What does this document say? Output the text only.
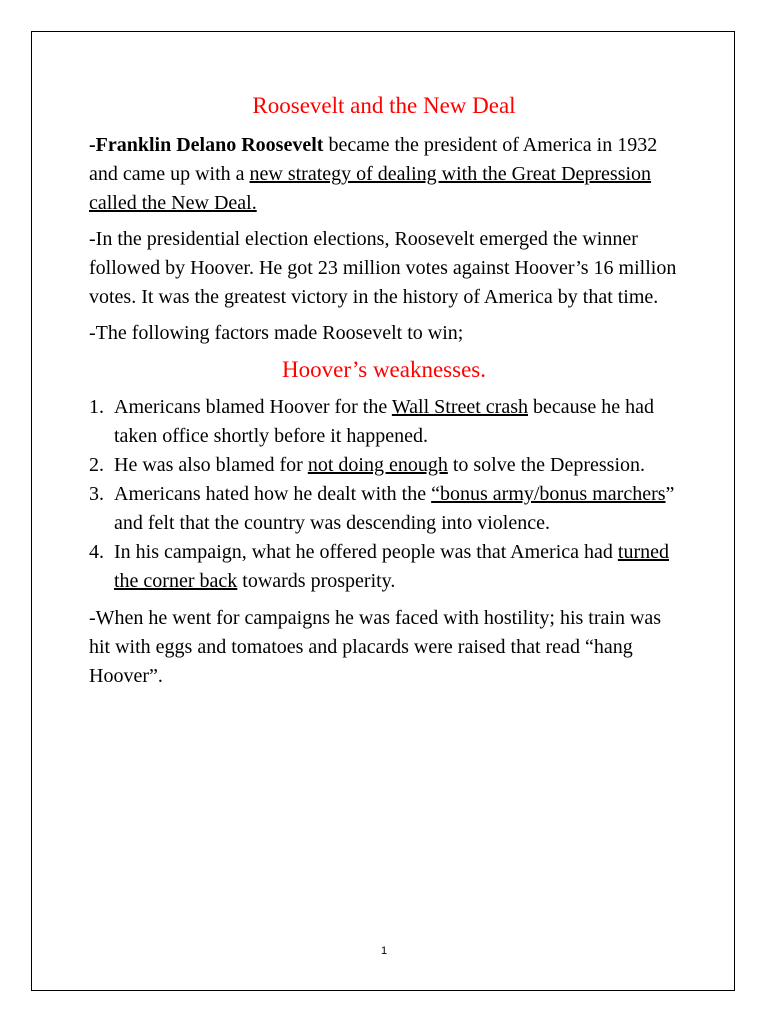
Roosevelt and the New Deal

-Franklin Delano Roosevelt became the president of America in 1932 and came up with a new strategy of dealing with the Great Depression called the New Deal.

-In the presidential election elections, Roosevelt emerged the winner followed by Hoover. He got 23 million votes against Hoover’s 16 million votes. It was the greatest victory in the history of America by that time.

-The following factors made Roosevelt to win;

Hoover’s weaknesses.
1. Americans blamed Hoover for the Wall Street crash because he had taken office shortly before it happened.
2. He was also blamed for not doing enough to solve the Depression.
3. Americans hated how he dealt with the “bonus army/bonus marchers” and felt that the country was descending into violence.
4. In his campaign, what he offered people was that America had turned the corner back towards prosperity.

-When he went for campaigns he was faced with hostility; his train was hit with eggs and tomatoes and placards were raised that read “hang Hoover”.

1
